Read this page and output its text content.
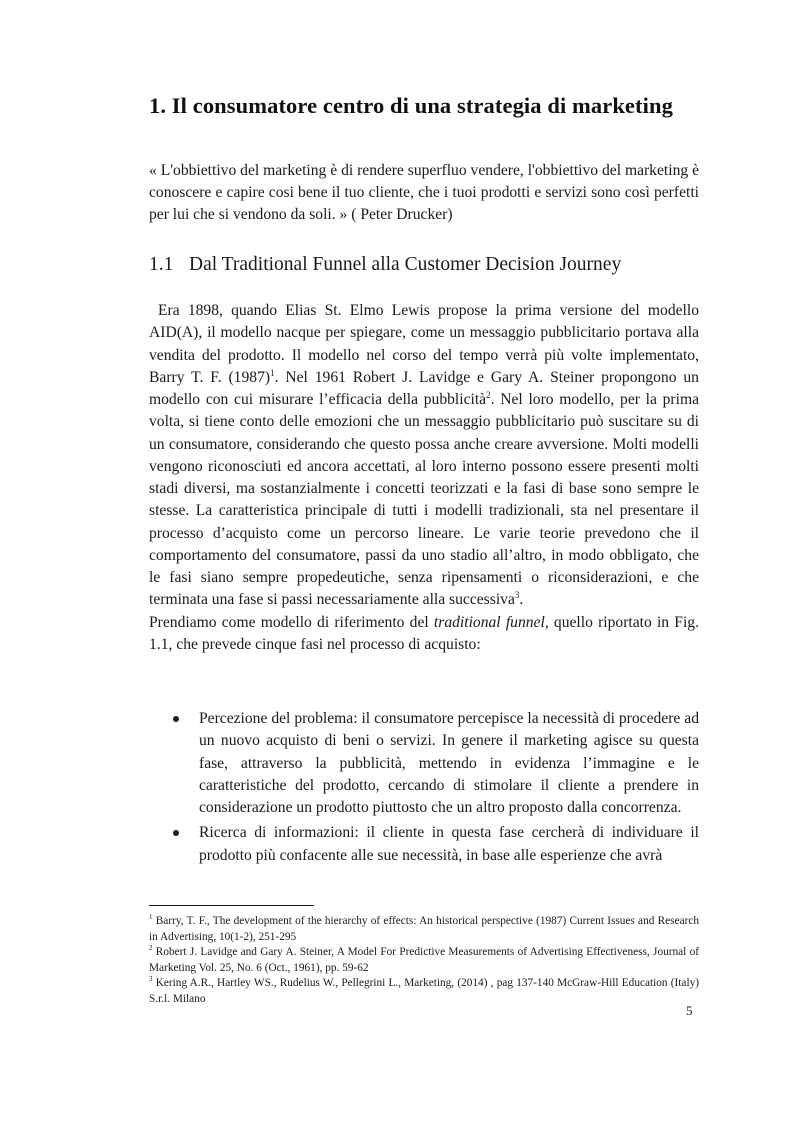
1. Il consumatore centro di una strategia di marketing

« L'obbiettivo del marketing è di rendere superfluo vendere, l'obbiettivo del marketing è conoscere e capire cosi bene il tuo cliente, che i tuoi prodotti e servizi sono così perfetti per lui che si vendono da soli. » ( Peter Drucker)

1.1 Dal Traditional Funnel alla Customer Decision Journey
Era 1898, quando Elias St. Elmo Lewis propose la prima versione del modello AID(A), il modello nacque per spiegare, come un messaggio pubblicitario portava alla vendita del prodotto. Il modello nel corso del tempo verrà più volte implementato, Barry T. F. $(1987)^1$. Nel 1961 Robert J. Lavidge e Gary A. Steiner propongono un modello con cui misurare l’efficacia della pubblicità$^2$. Nel loro modello, per la prima volta, si tiene conto delle emozioni che un messaggio pubblicitario può suscitare su di un consumatore, considerando che questo possa anche creare avversione. Molti modelli vengono riconosciuti ed ancora accettati, al loro interno possono essere presenti molti stadi diversi, ma sostanzialmente i concetti teorizzati e la fasi di base sono sempre le stesse. La caratteristica principale di tutti i modelli tradizionali, sta nel presentare il processo d’acquisto come un percorso lineare. Le varie teorie prevedono che il comportamento del consumatore, passi da uno stadio all’altro, in modo obbligato, che le fasi siano sempre propedeutiche, senza ripensamenti o riconsiderazioni, e che terminata una fase si passi necessariamente alla successiva$^3$.
Prendiamo come modello di riferimento del traditional funnel, quello riportato in Fig. 1.1, che prevede cinque fasi nel processo di acquisto:
Percezione del problema: il consumatore percepisce la necessità di procedere ad un nuovo acquisto di beni o servizi. In genere il marketing agisce su questa fase, attraverso la pubblicità, mettendo in evidenza l’immagine e le caratteristiche del prodotto, cercando di stimolare il cliente a prendere in considerazione un prodotto piuttosto che un altro proposto dalla concorrenza.
Ricerca di informazioni: il cliente in questa fase cercherà di individuare il prodotto più confacente alle sue necessità, in base alle esperienze che avrà
$^1$ Barry, T. F., The development of the hierarchy of effects: An historical perspective (1987) Current Issues and Research in Advertising, 10(1-2), 251-295
$^2$ Robert J. Lavidge and Gary A. Steiner, A Model For Predictive Measurements of Advertising Effectiveness, Journal of Marketing Vol. 25, No. 6 (Oct., 1961), pp. 59-62
$^3$ Kering A.R., Hartley WS., Rudelius W., Pellegrini L., Marketing, (2014) , pag 137-140 McGraw-Hill Education (Italy) S.r.l. Milano

5
